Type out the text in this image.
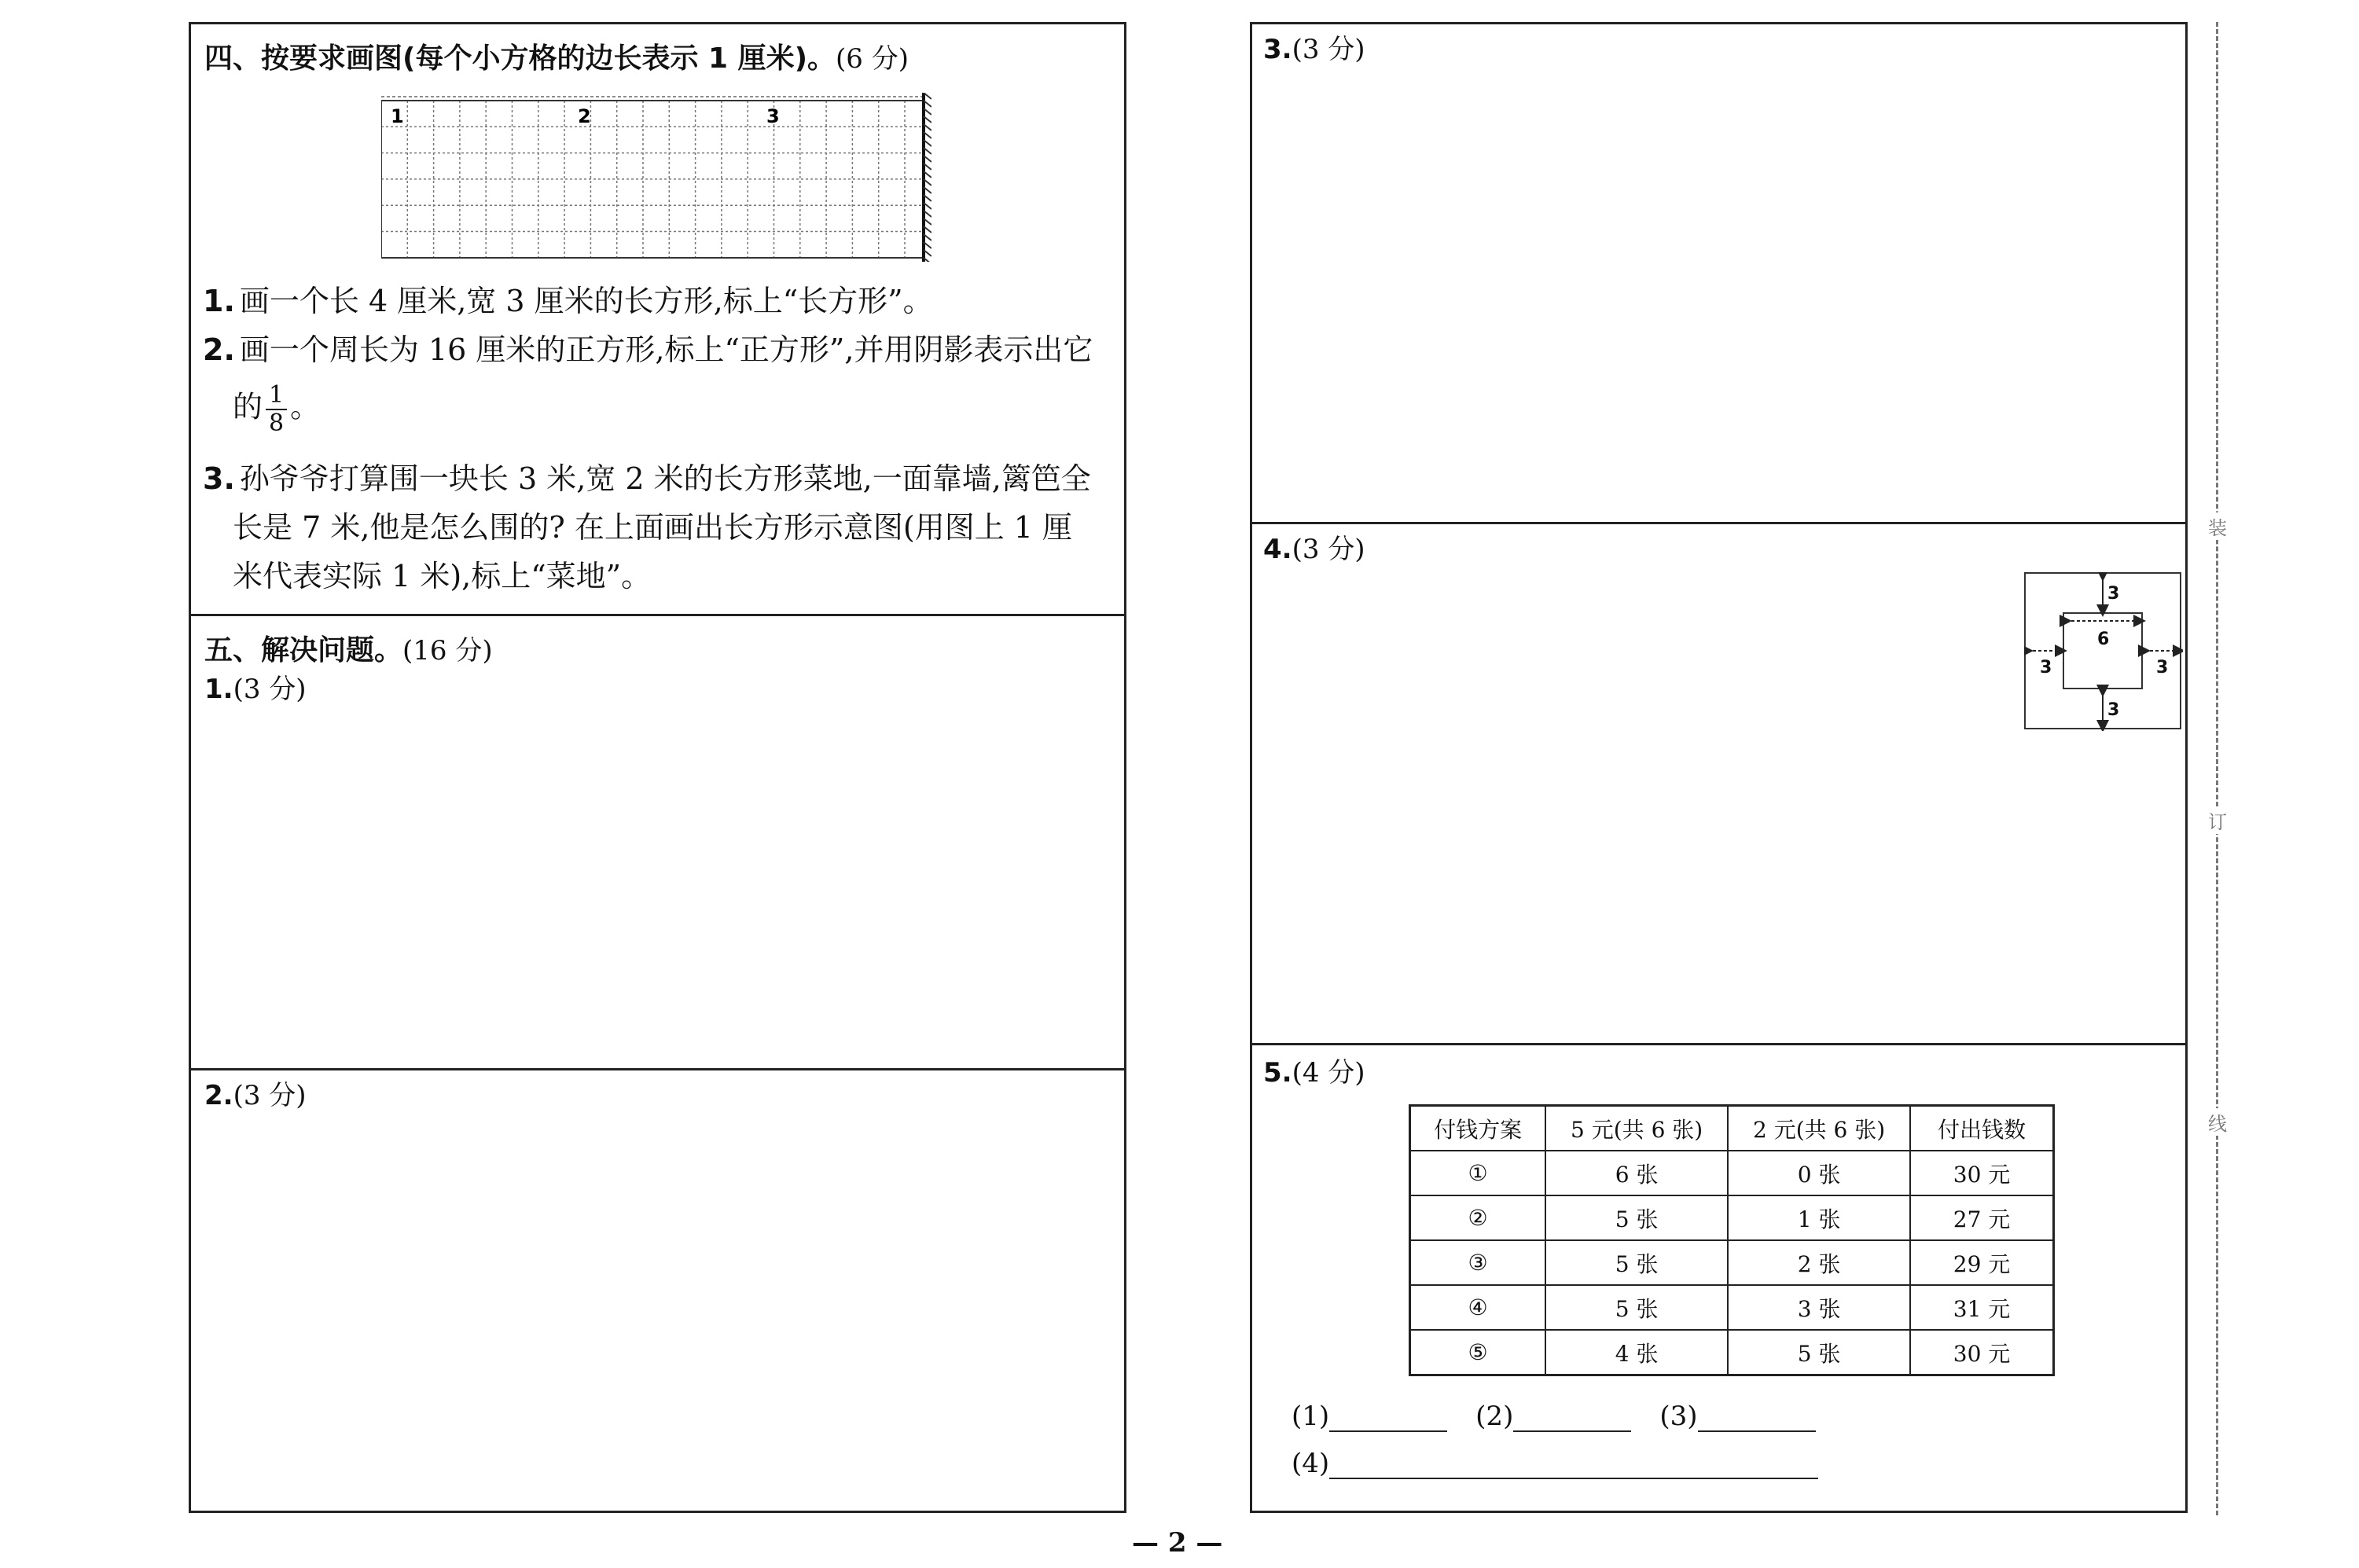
四、按要求画图(每个小方格的边长表示 1 厘米)。(6 分)
1	2	3
1. 画一个长 4 厘米,宽 3 厘米的长方形,标上“长方形”。
2. 画一个周长为 16 厘米的正方形,标上“正方形”,并用阴影表示出它
的 $\frac{1}{8}$ 。
3. 孙爷爷打算围一块长 3 米,宽 2 米的长方形菜地,一面靠墙,篱笆全
长是 7 米,他是怎么围的? 在上面画出长方形示意图(用图上 1 厘
米代表实际 1 米),标上“菜地”。
五、解决问题。(16 分)
1.(3 分)
2.(3 分)
3.(3 分)
4.(3 分)
3
6
3	3
3
5.(4 分)
付钱方案	5 元(共 6 张)	2 元(共 6 张)	付出钱数
①	6 张	0 张	30 元
②	5 张	1 张	27 元
③	5 张	2 张	29 元
④	5 张	3 张	31 元
⑤	4 张	5 张	30 元
(1)	(2)	(3)
(4)
装
订
线
— 2 —
